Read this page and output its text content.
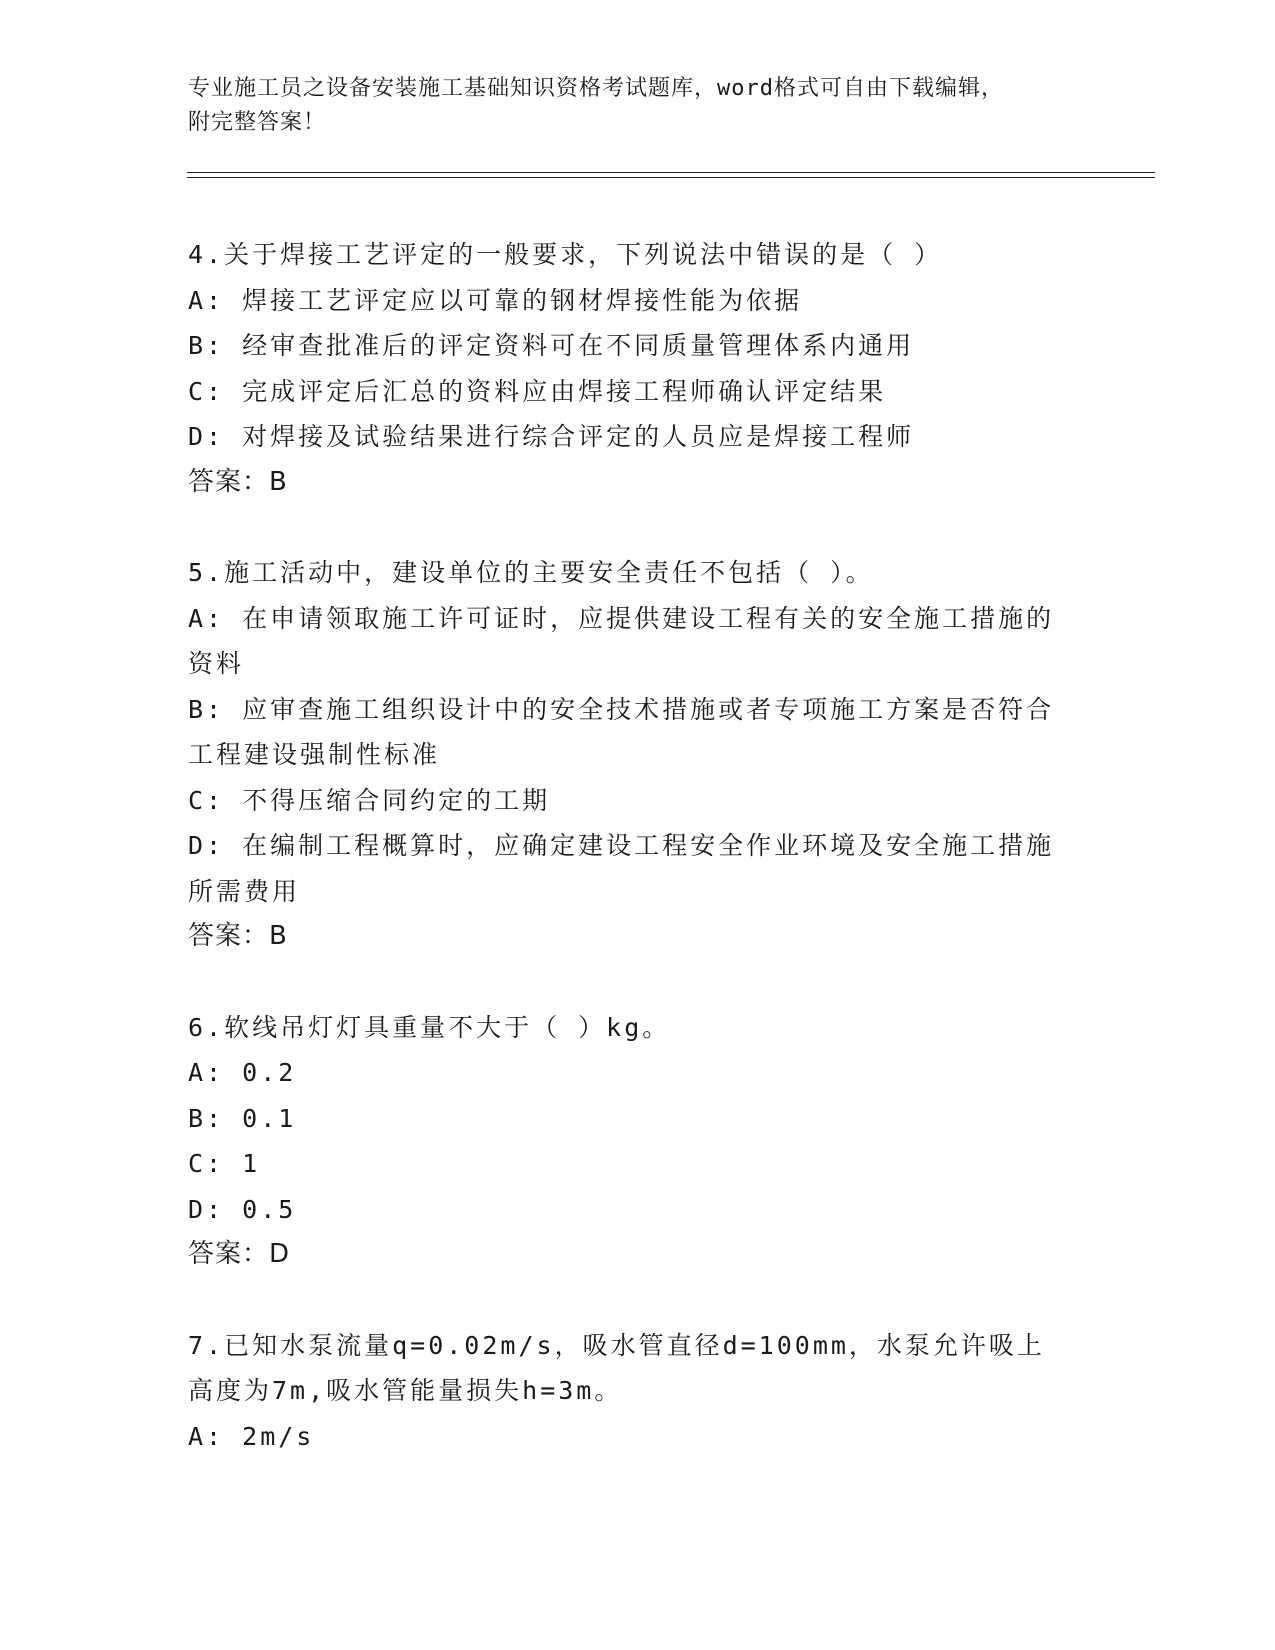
专业施工员之设备安装施工基础知识资格考试题库，word格式可自由下载编辑，
附完整答案！
4.关于焊接工艺评定的一般要求，下列说法中错误的是（ ）
A: 焊接工艺评定应以可靠的钢材焊接性能为依据
B: 经审查批准后的评定资料可在不同质量管理体系内通用
C: 完成评定后汇总的资料应由焊接工程师确认评定结果
D: 对焊接及试验结果进行综合评定的人员应是焊接工程师
答案：B
5.施工活动中，建设单位的主要安全责任不包括（ ）。
A: 在申请领取施工许可证时，应提供建设工程有关的安全施工措施的资料
B: 应审查施工组织设计中的安全技术措施或者专项施工方案是否符合工程建设强制性标准
C: 不得压缩合同约定的工期
D: 在编制工程概算时，应确定建设工程安全作业环境及安全施工措施所需费用
答案：B
6.软线吊灯灯具重量不大于（ ）kg。
A: 0.2
B: 0.1
C: 1
D: 0.5
答案：D
7.已知水泵流量q=0.02m/s，吸水管直径d=100mm，水泵允许吸上高度为7m,吸水管能量损失h=3m。
A: 2m/s
